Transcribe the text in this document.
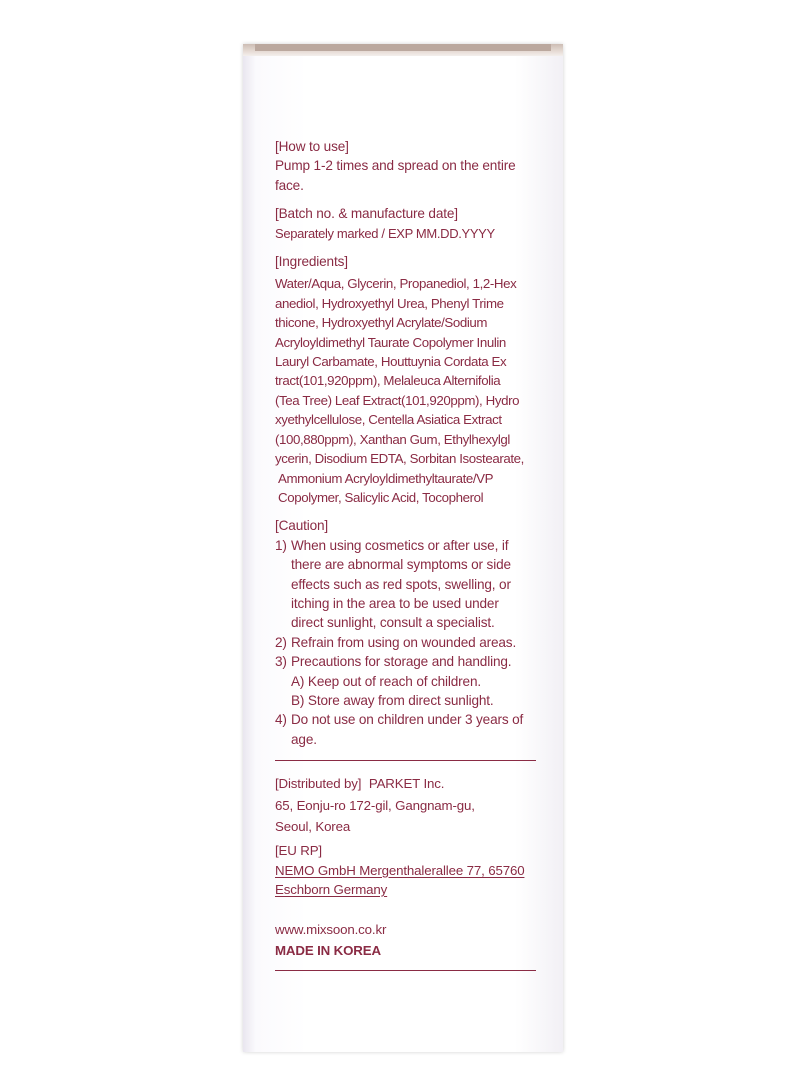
[How to use]

Pump 1-2 times and spread on the entire

face.

[Batch no. & manufacture date]

Separately marked / EXP MM.DD.YYYY

[Ingredients]

Water/Aqua, Glycerin, Propanediol, 1,2-Hex

anediol, Hydroxyethyl Urea, Phenyl Trime

thicone, Hydroxyethyl Acrylate/Sodium

Acryloyldimethyl Taurate Copolymer Inulin

Lauryl Carbamate, Houttuynia Cordata Ex

tract(101,920ppm), Melaleuca Alternifolia

(Tea Tree) Leaf Extract(101,920ppm), Hydro

xyethylcellulose, Centella Asiatica Extract

(100,880ppm), Xanthan Gum, Ethylhexylgl

ycerin, Disodium EDTA, Sorbitan Isostearate,

Ammonium Acryloyldimethyltaurate/VP

Copolymer, Salicylic Acid, Tocopherol

[Caution]

1) When using cosmetics or after use, if

there are abnormal symptoms or side

effects such as red spots, swelling, or

itching in the area to be used under

direct sunlight, consult a specialist.

2) Refrain from using on wounded areas.

3) Precautions for storage and handling.

A) Keep out of reach of children.

B) Store away from direct sunlight.

4) Do not use on children under 3 years of

age.

[Distributed by] PARKET Inc.

65, Eonju-ro 172-gil, Gangnam-gu,

Seoul, Korea

[EU RP]

NEMO GmbH Mergenthalerallee 77, 65760

Eschborn Germany

www.mixsoon.co.kr

MADE IN KOREA
